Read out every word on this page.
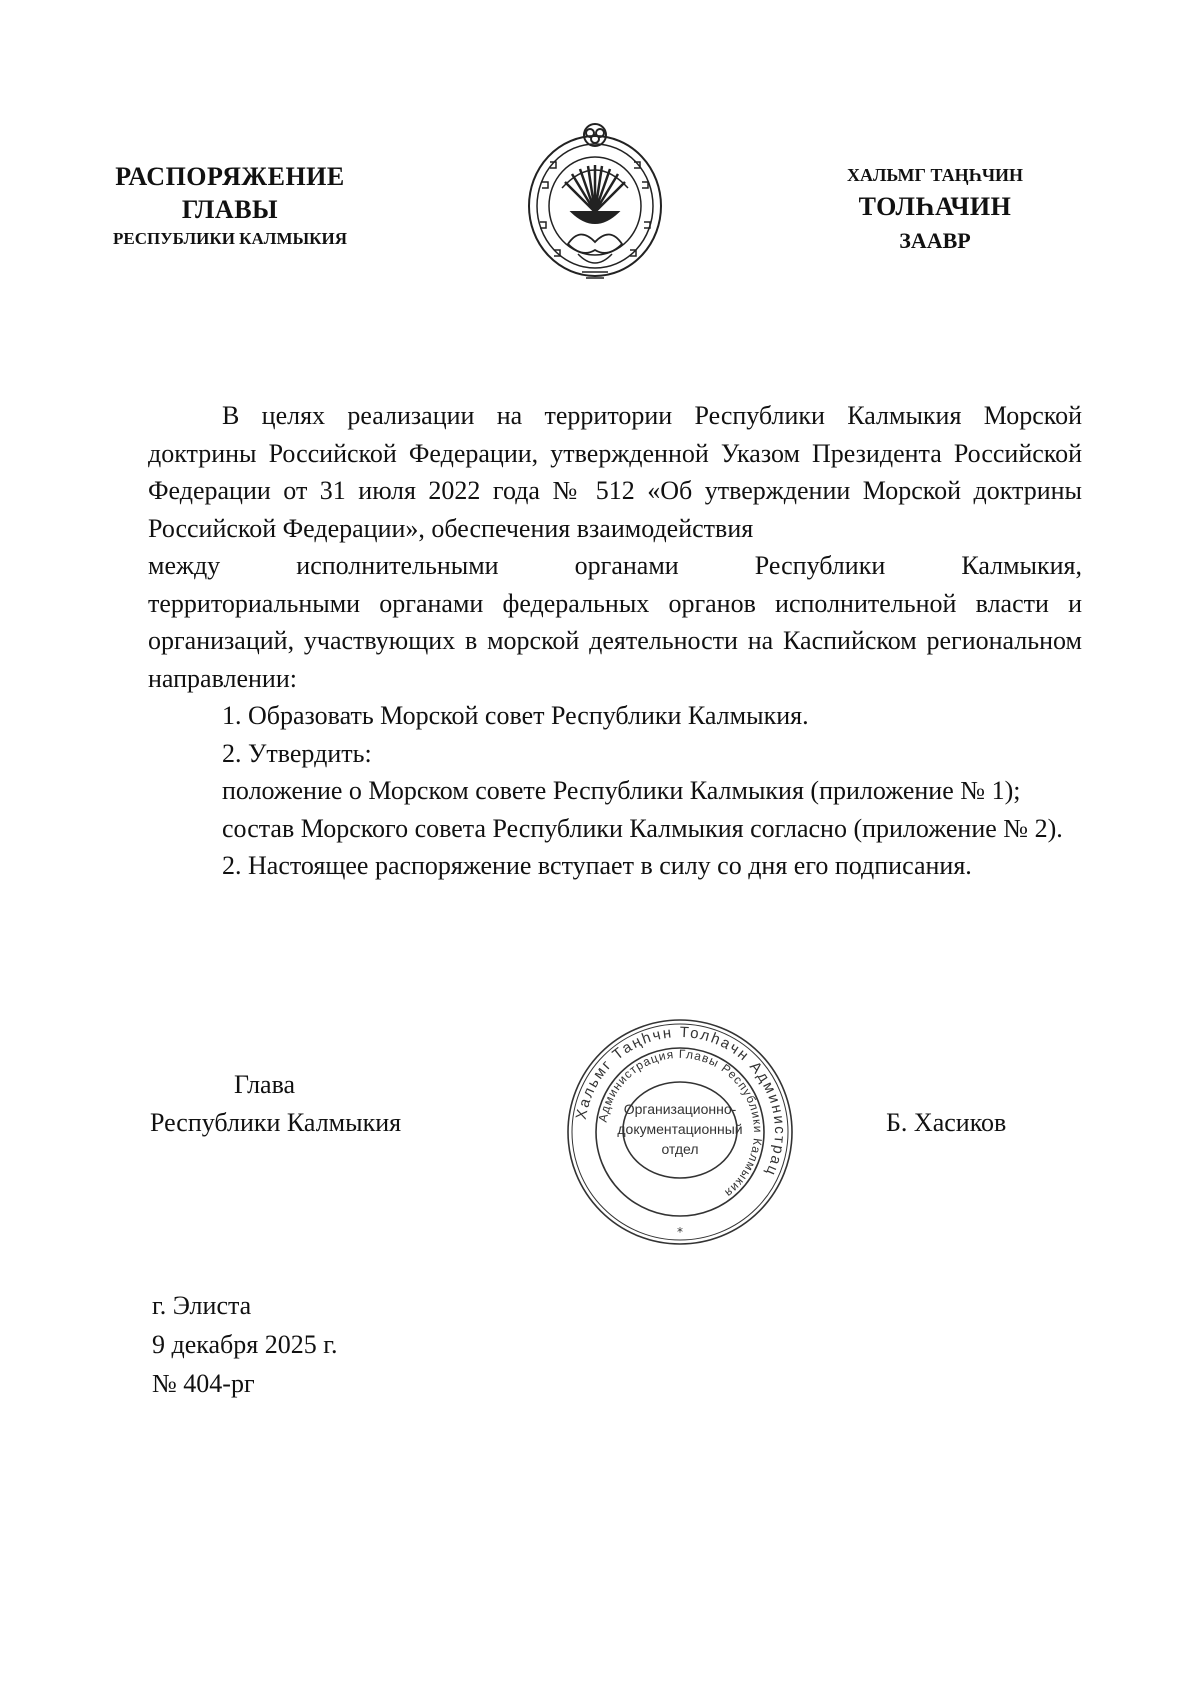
РАСПОРЯЖЕНИЕ
ГЛАВЫ
РЕСПУБЛИКИ КАЛМЫКИЯ
ХАЛЬМГ ТАҢҺЧИН
ТОЛҺАЧИН
ЗААВР

В целях реализации на территории Республики Калмыкия Морской доктрины Российской Федерации, утвержденной Указом Президента Российской Федерации от 31 июля 2022 года № 512 «Об утверждении Морской доктрины Российской Федерации», обеспечения взаимодействия

между исполнительными органами Республики Калмыкия,

территориальными органами федеральных органов исполнительной власти и организаций, участвующих в морской деятельности на Каспийском региональном направлении:

1. Образовать Морской совет Республики Калмыкия.

2. Утвердить:

положение о Морском совете Республики Калмыкия (приложение № 1);

состав Морского совета Республики Калмыкия согласно (приложение № 2).

2. Настоящее распоряжение вступает в силу со дня его подписания.

Глава
Республики Калмыкия	Хальмг Таңһчн Толһачн Администрац
Администрация Главы Республики Калмыкия
Организационно-
документационный
отдел
*
Б. Хасиков
г. Элиста
9 декабря 2025 г.
№ 404-рг
